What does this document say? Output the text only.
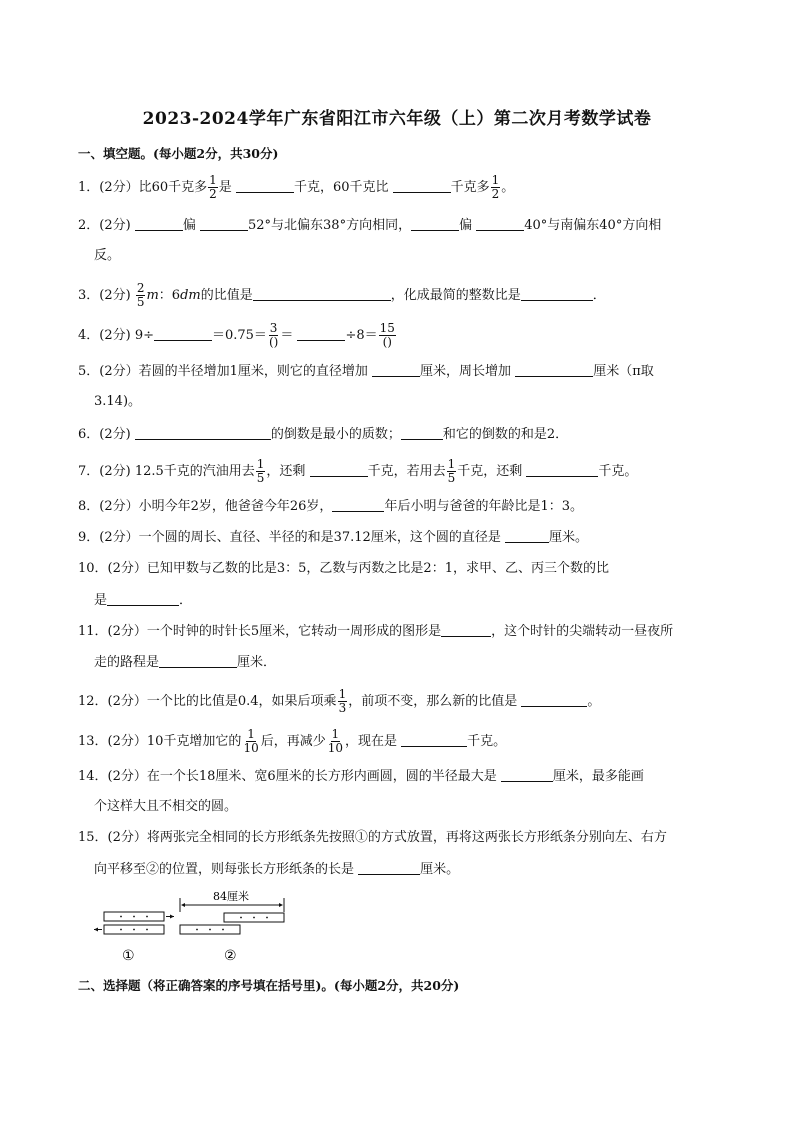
2023-2024学年广东省阳江市六年级（上）第二次月考数学试卷
一、填空题。(每小题2分，共30分)
1．(2分）比60千克多 $\frac{1}{2}$ 是	千克，60千克比	千克多 $\frac{1}{2}$ 。
2．(2分)	偏	52°与北偏东38°方向相同，	偏	40°与南偏东40°方向相
反。
3．(2分) $\frac{2}{5}$ m：6dm的比值是	，化成最简的整数比是	．
4．(2分) 9÷	$=0.75= \frac{3}{()}$ ＝	$\div 8= \frac{15}{()}$
5．(2分）若圆的半径增加1厘米，则它的直径增加	厘米，周长增加	厘米（π取
3.14)。
6．(2分)	的倒数是最小的质数；	和它的倒数的和是2．
7．(2分) 12.5千克的汽油用去 $\frac{1}{5}$ ，还剩	千克，若用去 $\frac{1}{5}$ 千克，还剩	千克。
8．(2分）小明今年2岁，他爸爸今年26岁，	年后小明与爸爸的年龄比是1：3。
9．(2分）一个圆的周长、直径、半径的和是37.12厘米，这个圆的直径是	厘米。
10．(2分）已知甲数与乙数的比是3：5，乙数与丙数之比是2：1，求甲、乙、丙三个数的比
是	．
11．(2分）一个时钟的时针长5厘米，它转动一周形成的图形是	，这个时针的尖端转动一昼夜所
走的路程是	厘米．
12．(2分）一个比的比值是0.4，如果后项乘 $\frac{1}{3}$ ，前项不变，那么新的比值是	。
13．(2分）10千克增加它的 $\frac{1}{10}$ 后，再减少 $\frac{1}{10}$ ，现在是	千克。
14．(2分）在一个长18厘米、宽6厘米的长方形内画圆，圆的半径最大是	厘米，最多能画
个这样大且不相交的圆。
15．(2分）将两张完全相同的长方形纸条先按照①的方式放置，再将这两张长方形纸条分别向左、右方
向平移至②的位置，则每张长方形纸条的长是	厘米。
①
84厘米
②
二、选择题（将正确答案的序号填在括号里)。(每小题2分，共20分)
